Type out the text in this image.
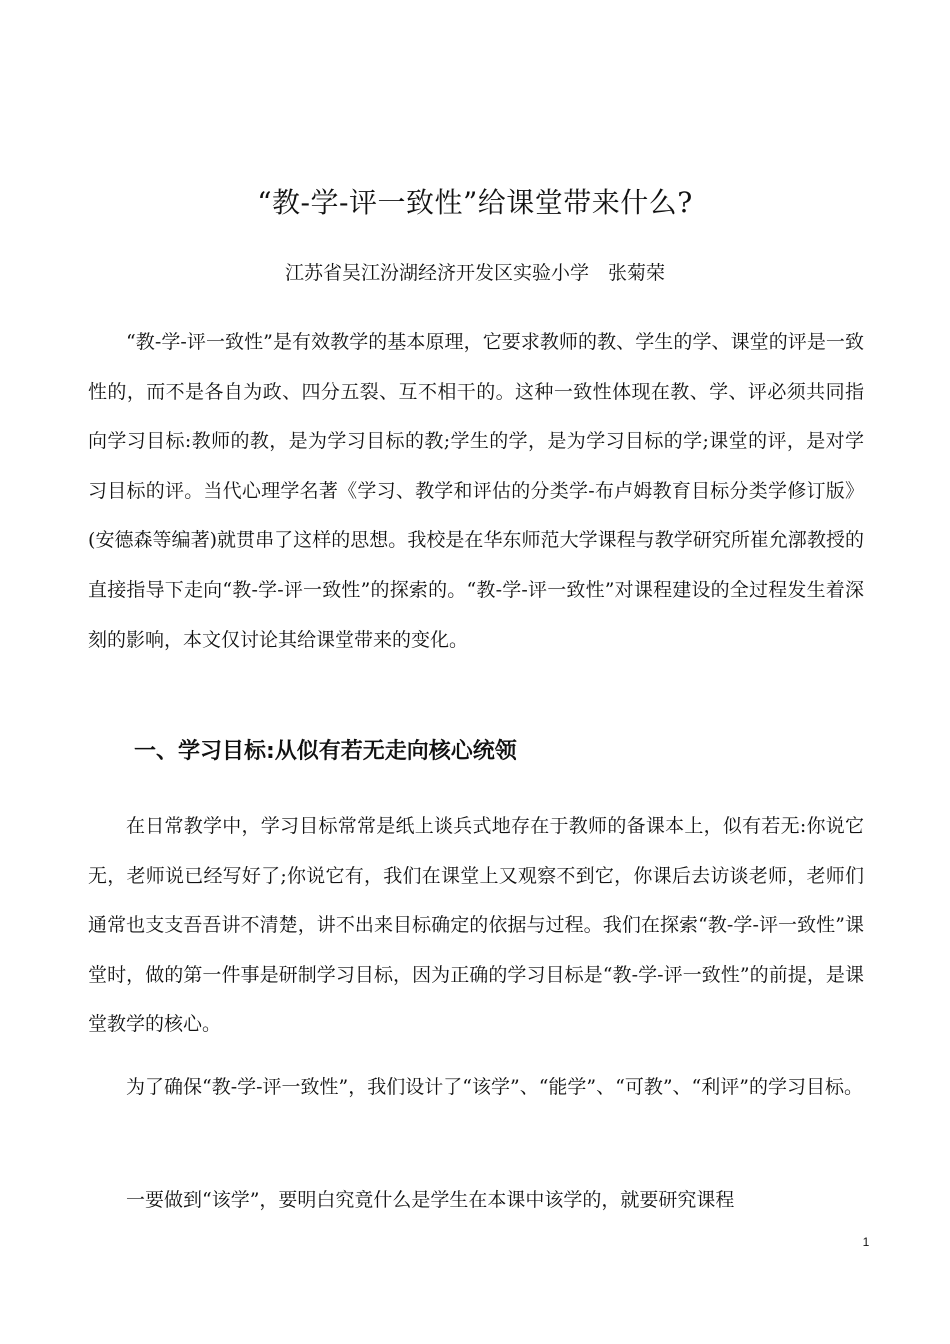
“教-学-评一致性”给课堂带来什么?
江苏省吴江汾湖经济开发区实验小学　张菊荣

“教-学-评一致性”是有效教学的基本原理，它要求教师的教、学生的学、课堂的评是一致性的，而不是各自为政、四分五裂、互不相干的。这种一致性体现在教、学、评必须共同指向学习目标:教师的教，是为学习目标的教;学生的学，是为学习目标的学;课堂的评，是对学习目标的评。当代心理学名著《学习、教学和评估的分类学-布卢姆教育目标分类学修订版》(安德森等编著)就贯串了这样的思想。我校是在华东师范大学课程与教学研究所崔允漷教授的直接指导下走向“教-学-评一致性”的探索的。“教-学-评一致性”对课程建设的全过程发生着深刻的影响，本文仅讨论其给课堂带来的变化。

一、学习目标:从似有若无走向核心统领

在日常教学中，学习目标常常是纸上谈兵式地存在于教师的备课本上，似有若无:你说它无，老师说已经写好了;你说它有，我们在课堂上又观察不到它，你课后去访谈老师，老师们通常也支支吾吾讲不清楚，讲不出来目标确定的依据与过程。我们在探索“教-学-评一致性”课堂时，做的第一件事是研制学习目标，因为正确的学习目标是“教-学-评一致性”的前提，是课堂教学的核心。

为了确保“教-学-评一致性”，我们设计了“该学”、“能学”、“可教”、“利评”的学习目标。

一要做到“该学”，要明白究竟什么是学生在本课中该学的，就要研究课程

1
